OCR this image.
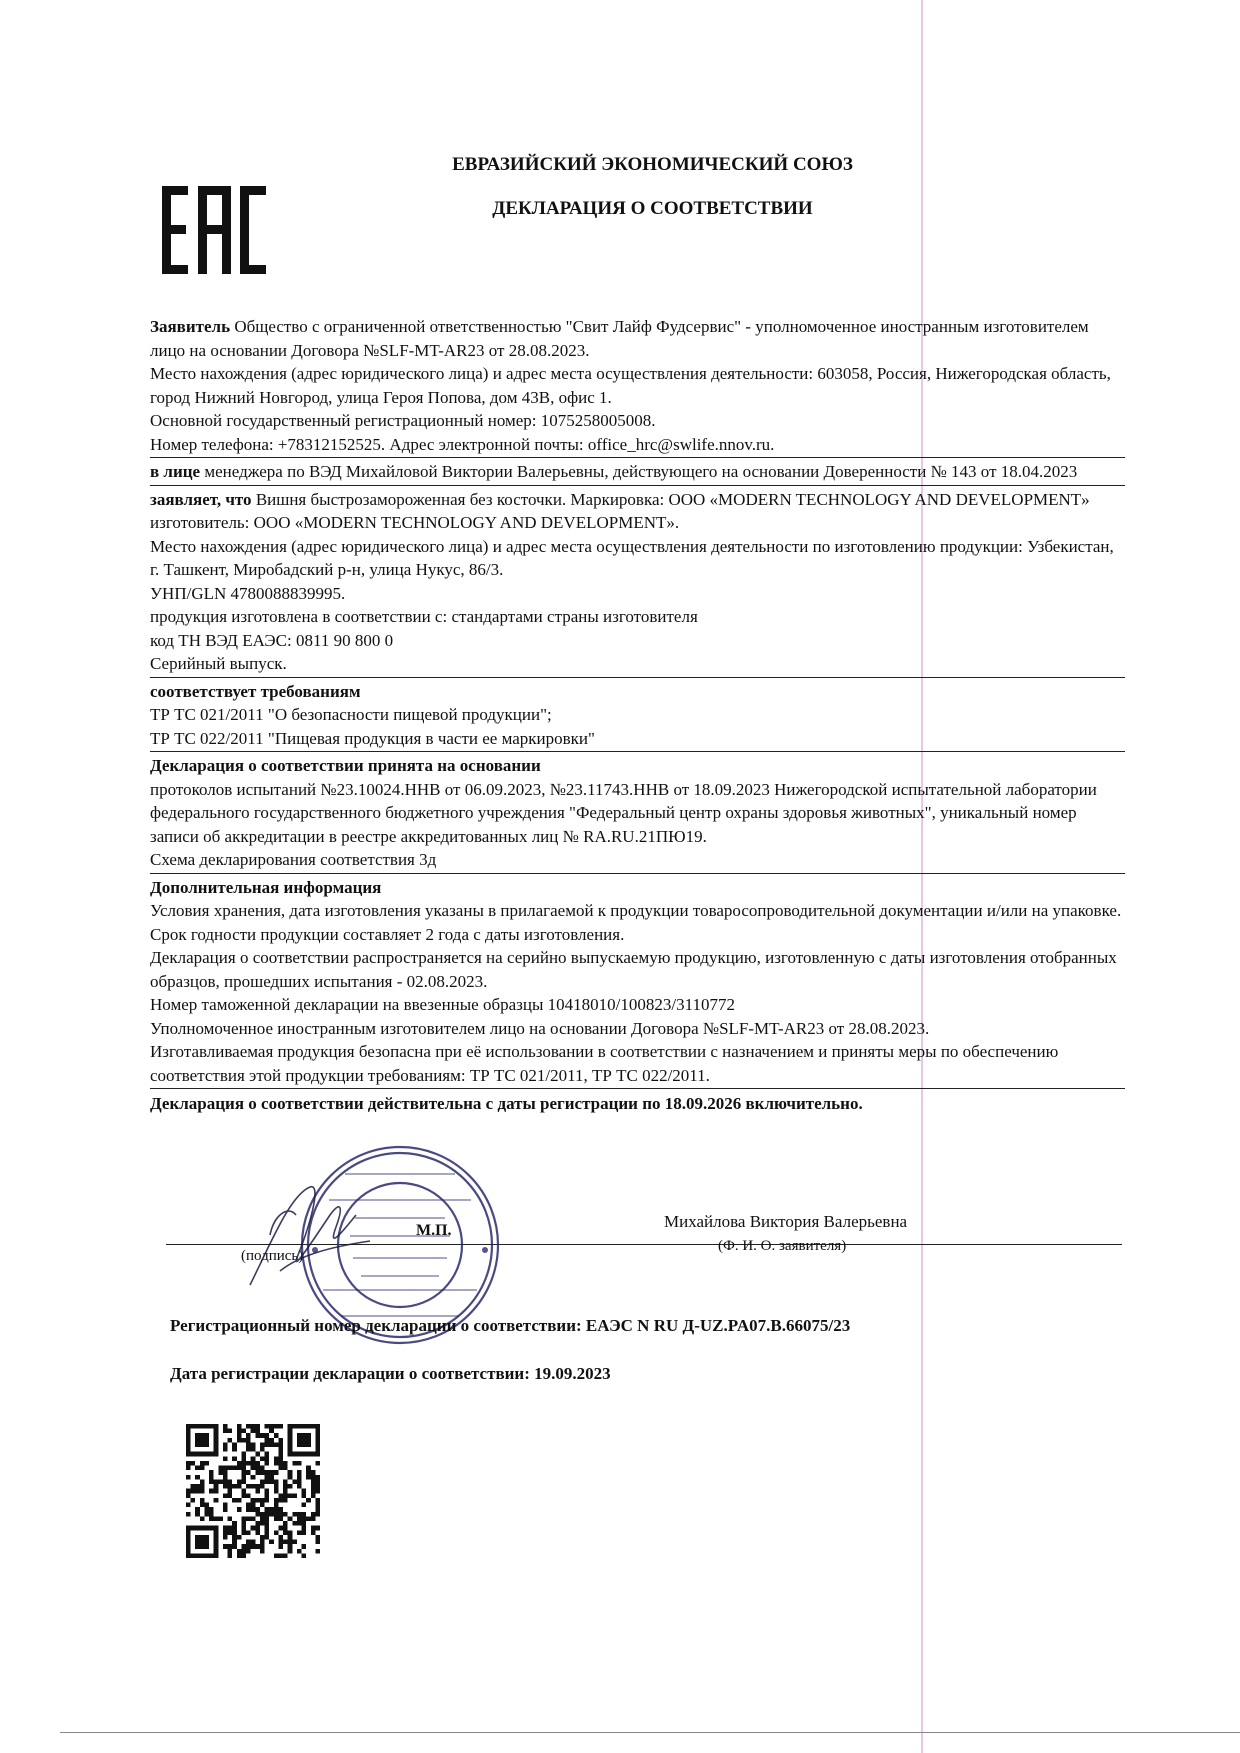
ЕВРАЗИЙСКИЙ ЭКОНОМИЧЕСКИЙ СОЮЗ
ДЕКЛАРАЦИЯ О СООТВЕТСТВИИ

Заявитель Общество с ограниченной ответственностью "Свит Лайф Фудсервис" - уполномоченное иностранным изготовителем лицо на основании Договора №SLF-MT-AR23 от 28.08.2023.

Место нахождения (адрес юридического лица) и адрес места осуществления деятельности: 603058, Россия, Нижегородская область, город Нижний Новгород, улица Героя Попова, дом 43В, офис 1.

Основной государственный регистрационный номер: 1075258005008.

Номер телефона: +78312152525. Адрес электронной почты: office_hrc@swlife.nnov.ru.

в лице менеджера по ВЭД Михайловой Виктории Валерьевны, действующего на основании Доверенности № 143 от 18.04.2023

заявляет, что Вишня быстрозамороженная без косточки. Маркировка: ООО «MODERN TECHNOLOGY AND DEVELOPMENT»

изготовитель: ООО «MODERN TECHNOLOGY AND DEVELOPMENT».

Место нахождения (адрес юридического лица) и адрес места осуществления деятельности по изготовлению продукции: Узбекистан, г. Ташкент, Миробадский р-н, улица Нукус, 86/3.

УНП/GLN 4780088839995.

продукция изготовлена в соответствии с: стандартами страны изготовителя

код ТН ВЭД ЕАЭС: 0811 90 800 0

Серийный выпуск.

соответствует требованиям

ТР ТС 021/2011 "О безопасности пищевой продукции";

ТР ТС 022/2011 "Пищевая продукция в части ее маркировки"

Декларация о соответствии принята на основании

протоколов испытаний №23.10024.ННВ от 06.09.2023, №23.11743.ННВ от 18.09.2023 Нижегородской испытательной лаборатории федерального государственного бюджетного учреждения "Федеральный центр охраны здоровья животных", уникальный номер записи об аккредитации в реестре аккредитованных лиц № RA.RU.21ПЮ19.

Схема декларирования соответствия 3д

Дополнительная информация

Условия хранения, дата изготовления указаны в прилагаемой к продукции товаросопроводительной документации и/или на упаковке. Срок годности продукции составляет 2 года с даты изготовления.

Декларация о соответствии распространяется на серийно выпускаемую продукцию, изготовленную с даты изготовления отобранных образцов, прошедших испытания - 02.08.2023.

Номер таможенной декларации на ввезенные образцы 10418010/100823/3110772

Уполномоченное иностранным изготовителем лицо на основании Договора №SLF-MT-AR23 от 28.08.2023.

Изготавливаемая продукция безопасна при её использовании в соответствии с назначением и приняты меры по обеспечению соответствия этой продукции требованиям: ТР ТС 021/2011, ТР ТС 022/2011.

Декларация о соответствии действительна с даты регистрации по 18.09.2026 включительно.

М.П.	Михайлова Виктория Валерьевна
(подпись)
(Ф. И. О. заявителя)
Регистрационный номер декларации о соответствии: ЕАЭС N RU Д-UZ.PA07.B.66075/23
Дата регистрации декларации о соответствии: 19.09.2023
